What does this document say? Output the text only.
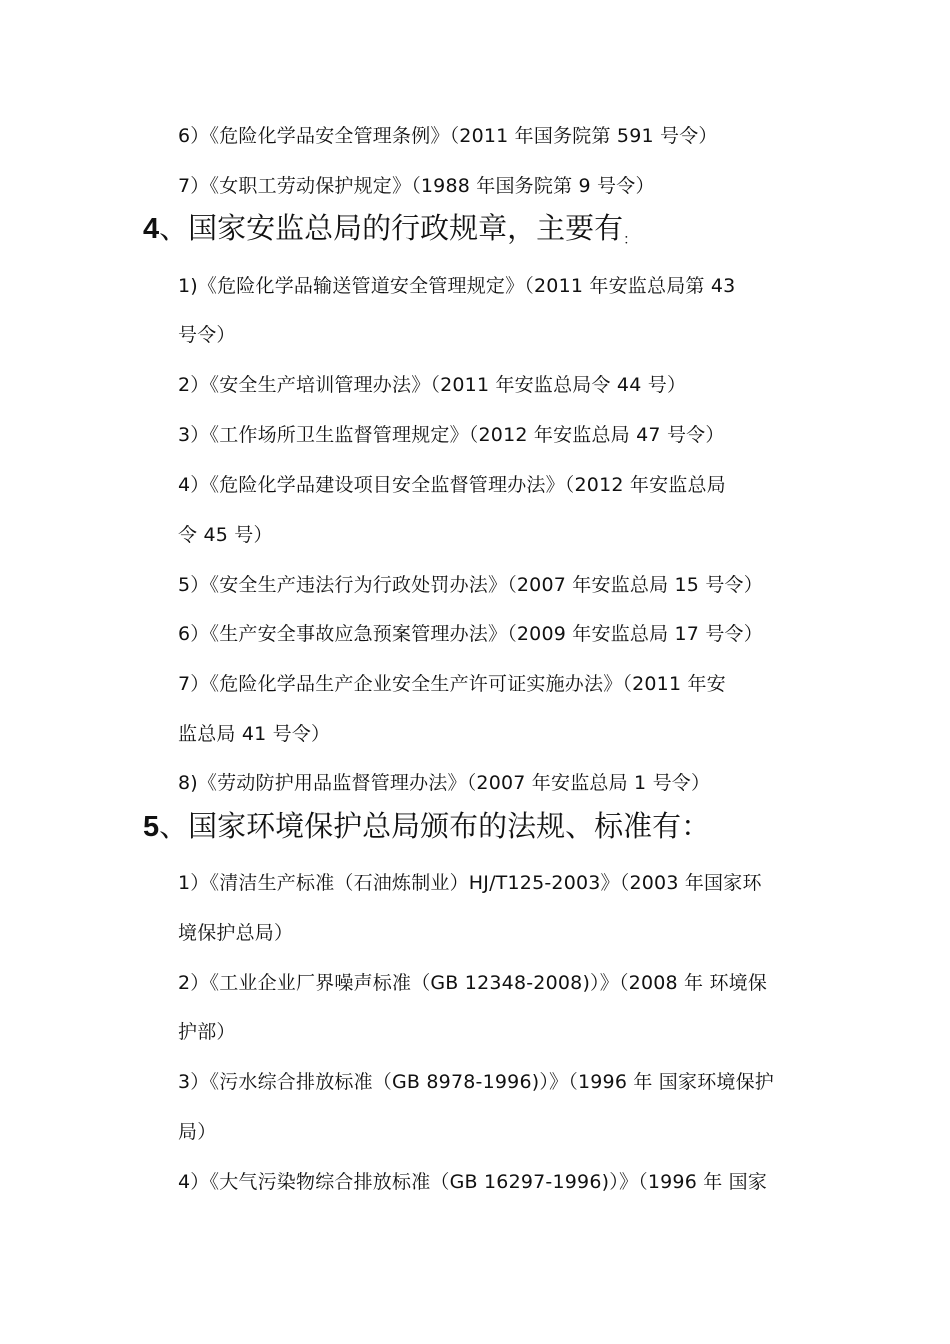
6）《危险化学品安全管理条例》（2011 年国务院第 591 号令）
7）《女职工劳动保护规定》（1988 年国务院第 9 号令）
4、国家安监总局的行政规章，主要有$_:$
1)《危险化学品输送管道安全管理规定》（2011 年安监总局第 43
号令）
2）《安全生产培训管理办法》（2011 年安监总局令 44 号）
3）《工作场所卫生监督管理规定》（2012 年安监总局 47 号令）
4）《危险化学品建设项目安全监督管理办法》（2012 年安监总局
令 45 号）
5）《安全生产违法行为行政处罚办法》（2007 年安监总局 15 号令）
6）《生产安全事故应急预案管理办法》（2009 年安监总局 17 号令）
7）《危险化学品生产企业安全生产许可证实施办法》（2011 年安
监总局 41 号令）
8)《劳动防护用品监督管理办法》（2007 年安监总局 1 号令）
5、国家环境保护总局颁布的法规、标准有：
1）《清洁生产标准（石油炼制业）HJ/T125-2003》（2003 年国家环
境保护总局）
2）《工业企业厂界噪声标准（GB 12348-2008)）》（2008 年 环境保
护部）
3）《污水综合排放标准（GB 8978-1996)）》（1996 年 国家环境保护
局）
4）《大气污染物综合排放标准（GB 16297-1996)）》（1996 年 国家
